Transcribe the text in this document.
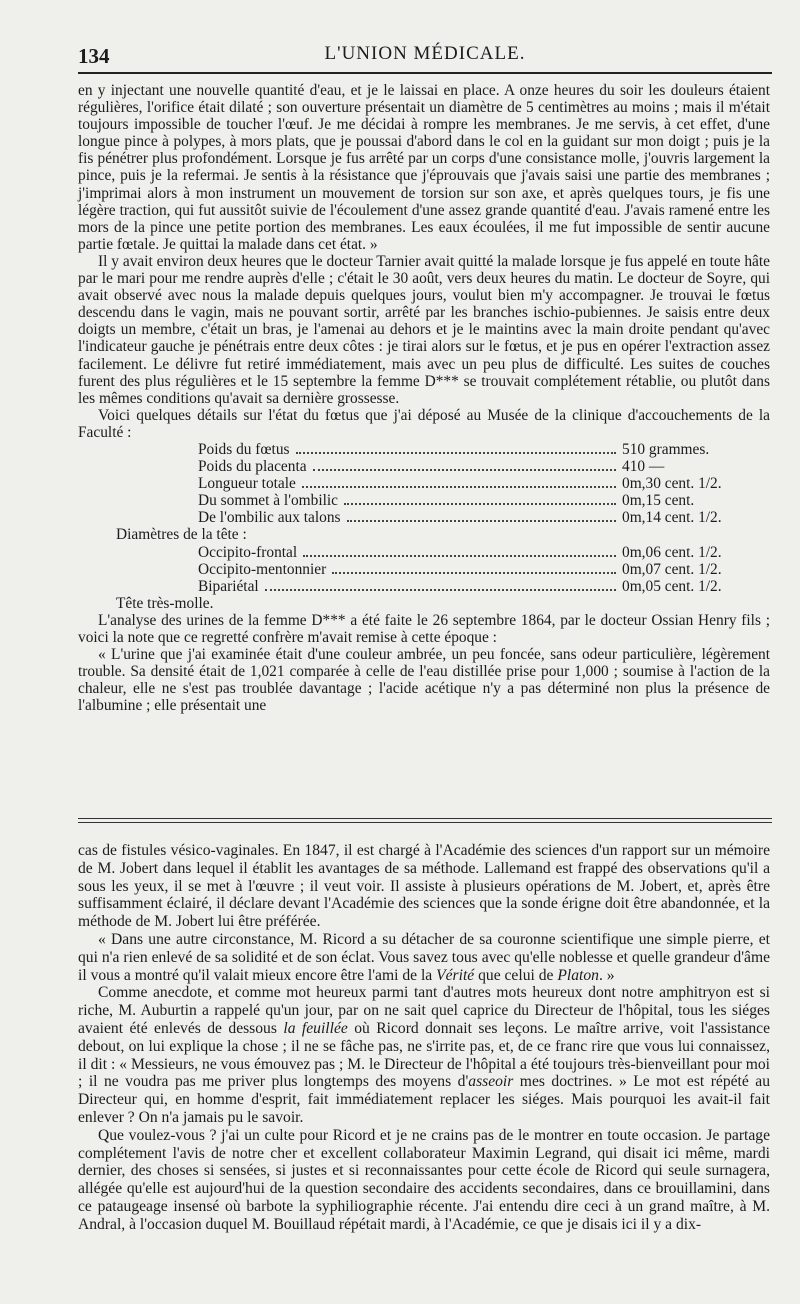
134	L'UNION MÉDICALE.

en y injectant une nouvelle quantité d'eau, et je le laissai en place. A onze heures du soir les douleurs étaient régulières, l'orifice était dilaté ; son ouverture présentait un diamètre de 5 centimètres au moins ; mais il m'était toujours impossible de toucher l'œuf. Je me décidai à rompre les membranes. Je me servis, à cet effet, d'une longue pince à polypes, à mors plats, que je poussai d'abord dans le col en la guidant sur mon doigt ; puis je la fis pénétrer plus profondément. Lorsque je fus arrêté par un corps d'une consistance molle, j'ouvris largement la pince, puis je la refermai. Je sentis à la résistance que j'éprouvais que j'avais saisi une partie des membranes ; j'imprimai alors à mon instrument un mouvement de torsion sur son axe, et après quelques tours, je fis une légère traction, qui fut aussitôt suivie de l'écoulement d'une assez grande quantité d'eau. J'avais ramené entre les mors de la pince une petite portion des membranes. Les eaux écoulées, il me fut impossible de sentir aucune partie fœtale. Je quittai la malade dans cet état. »

Il y avait environ deux heures que le docteur Tarnier avait quitté la malade lorsque je fus appelé en toute hâte par le mari pour me rendre auprès d'elle ; c'était le 30 août, vers deux heures du matin. Le docteur de Soyre, qui avait observé avec nous la malade depuis quelques jours, voulut bien m'y accompagner. Je trouvai le fœtus descendu dans le vagin, mais ne pouvant sortir, arrêté par les branches ischio-pubiennes. Je saisis entre deux doigts un membre, c'était un bras, je l'amenai au dehors et je le maintins avec la main droite pendant qu'avec l'indicateur gauche je pénétrais entre deux côtes : je tirai alors sur le fœtus, et je pus en opérer l'extraction assez facilement. Le délivre fut retiré immédiatement, mais avec un peu plus de difficulté. Les suites de couches furent des plus régulières et le 15 septembre la femme D*** se trouvait complétement rétablie, ou plutôt dans les mêmes conditions qu'avait sa dernière grossesse.

Voici quelques détails sur l'état du fœtus que j'ai déposé au Musée de la clinique d'accouchements de la Faculté :

Poids du fœtus	510 grammes.
Poids du placenta	410 —
Longueur totale	0m,30 cent. 1/2.
Du sommet à l'ombilic	0m,15 cent.
De l'ombilic aux talons	0m,14 cent. 1/2.

Diamètres de la tête :

Occipito-frontal	0m,06 cent. 1/2.
Occipito-mentonnier	0m,07 cent. 1/2.
Bipariétal	0m,05 cent. 1/2.

Tête très-molle.

L'analyse des urines de la femme D*** a été faite le 26 septembre 1864, par le docteur Ossian Henry fils ; voici la note que ce regretté confrère m'avait remise à cette époque :

« L'urine que j'ai examinée était d'une couleur ambrée, un peu foncée, sans odeur particulière, légèrement trouble. Sa densité était de 1,021 comparée à celle de l'eau distillée prise pour 1,000 ; soumise à l'action de la chaleur, elle ne s'est pas troublée davantage ; l'acide acétique n'y a pas déterminé non plus la présence de l'albumine ; elle présentait une

cas de fistules vésico-vaginales. En 1847, il est chargé à l'Académie des sciences d'un rapport sur un mémoire de M. Jobert dans lequel il établit les avantages de sa méthode. Lallemand est frappé des observations qu'il a sous les yeux, il se met à l'œuvre ; il veut voir. Il assiste à plusieurs opérations de M. Jobert, et, après être suffisamment éclairé, il déclare devant l'Académie des sciences que la sonde érigne doit être abandonnée, et la méthode de M. Jobert lui être préférée.

« Dans une autre circonstance, M. Ricord a su détacher de sa couronne scientifique une simple pierre, et qui n'a rien enlevé de sa solidité et de son éclat. Vous savez tous avec qu'elle noblesse et quelle grandeur d'âme il vous a montré qu'il valait mieux encore être l'ami de la Vérité que celui de Platon. »

Comme anecdote, et comme mot heureux parmi tant d'autres mots heureux dont notre amphitryon est si riche, M. Auburtin a rappelé qu'un jour, par on ne sait quel caprice du Directeur de l'hôpital, tous les siéges avaient été enlevés de dessous la feuillée où Ricord donnait ses leçons. Le maître arrive, voit l'assistance debout, on lui explique la chose ; il ne se fâche pas, ne s'irrite pas, et, de ce franc rire que vous lui connaissez, il dit : « Messieurs, ne vous émouvez pas ; M. le Directeur de l'hôpital a été toujours très-bienveillant pour moi ; il ne voudra pas me priver plus longtemps des moyens d'asseoir mes doctrines. » Le mot est répété au Directeur qui, en homme d'esprit, fait immédiatement replacer les siéges. Mais pourquoi les avait-il fait enlever ? On n'a jamais pu le savoir.

Que voulez-vous ? j'ai un culte pour Ricord et je ne crains pas de le montrer en toute occasion. Je partage complétement l'avis de notre cher et excellent collaborateur Maximin Legrand, qui disait ici même, mardi dernier, des choses si sensées, si justes et si reconnaissantes pour cette école de Ricord qui seule surnagera, allégée qu'elle est aujourd'hui de la question secondaire des accidents secondaires, dans ce brouillamini, dans ce pataugeage insensé où barbote la syphiliographie récente. J'ai entendu dire ceci à un grand maître, à M. Andral, à l'occasion duquel M. Bouillaud répétait mardi, à l'Académie, ce que je disais ici il y a dix-
